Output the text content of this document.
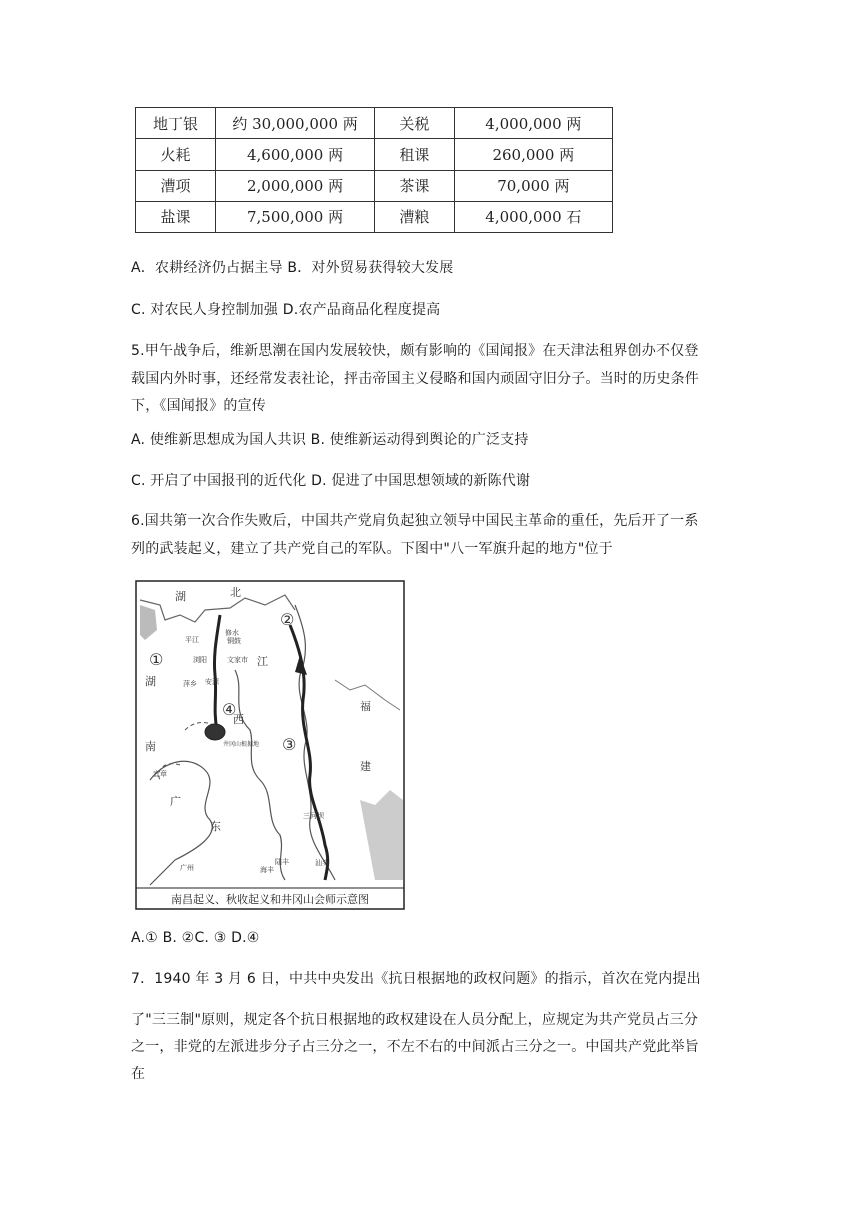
地丁银	约 30,000,000 两	关税	4,000,000 两
火耗	4,600,000 两	租课	260,000 两
漕项	2,000,000 两	茶课	70,000 两
盐课	7,500,000 两	漕粮	4,000,000 石
A．农耕经济仍占据主导 B．对外贸易获得较大发展
C. 对农民人身控制加强 D.农产品商品化程度提高
5.甲午战争后，维新思潮在国内发展较快，颇有影响的《国闻报》在天津法租界创办不仅登
载国内外时事，还经常发表社论，抨击帝国主义侵略和国内顽固守旧分子。当时的历史条件
下，《国闻报》的宣传
A. 使维新思想成为国人共识 B. 使维新运动得到舆论的广泛支持
C. 开启了中国报刊的近代化 D. 促进了中国思想领域的新陈代谢
6.国共第一次合作失败后，中国共产党肩负起独立领导中国民主革命的重任，先后开了一系
列的武装起义，建立了共产党自己的军队。下图中"八一军旗升起的地方"位于
②
①
③
④
湖	北
江
湖
西
南
福
建
广
东
修水
铜鼓
平江
浏阳	文家市
萍乡 安源
井冈山根据地
宜章
三河坝
广州	海丰
陆丰	汕头
南昌起义、秋收起义和井冈山会师示意图
A.① B. ②C. ③ D.④
7．1940 年 3 月 6 日，中共中央发出《抗日根据地的政权问题》的指示，首次在党内提出
了"三三制"原则，规定各个抗日根据地的政权建设在人员分配上，应规定为共产党员占三分
之一，非党的左派进步分子占三分之一，不左不右的中间派占三分之一。中国共产党此举旨
在
